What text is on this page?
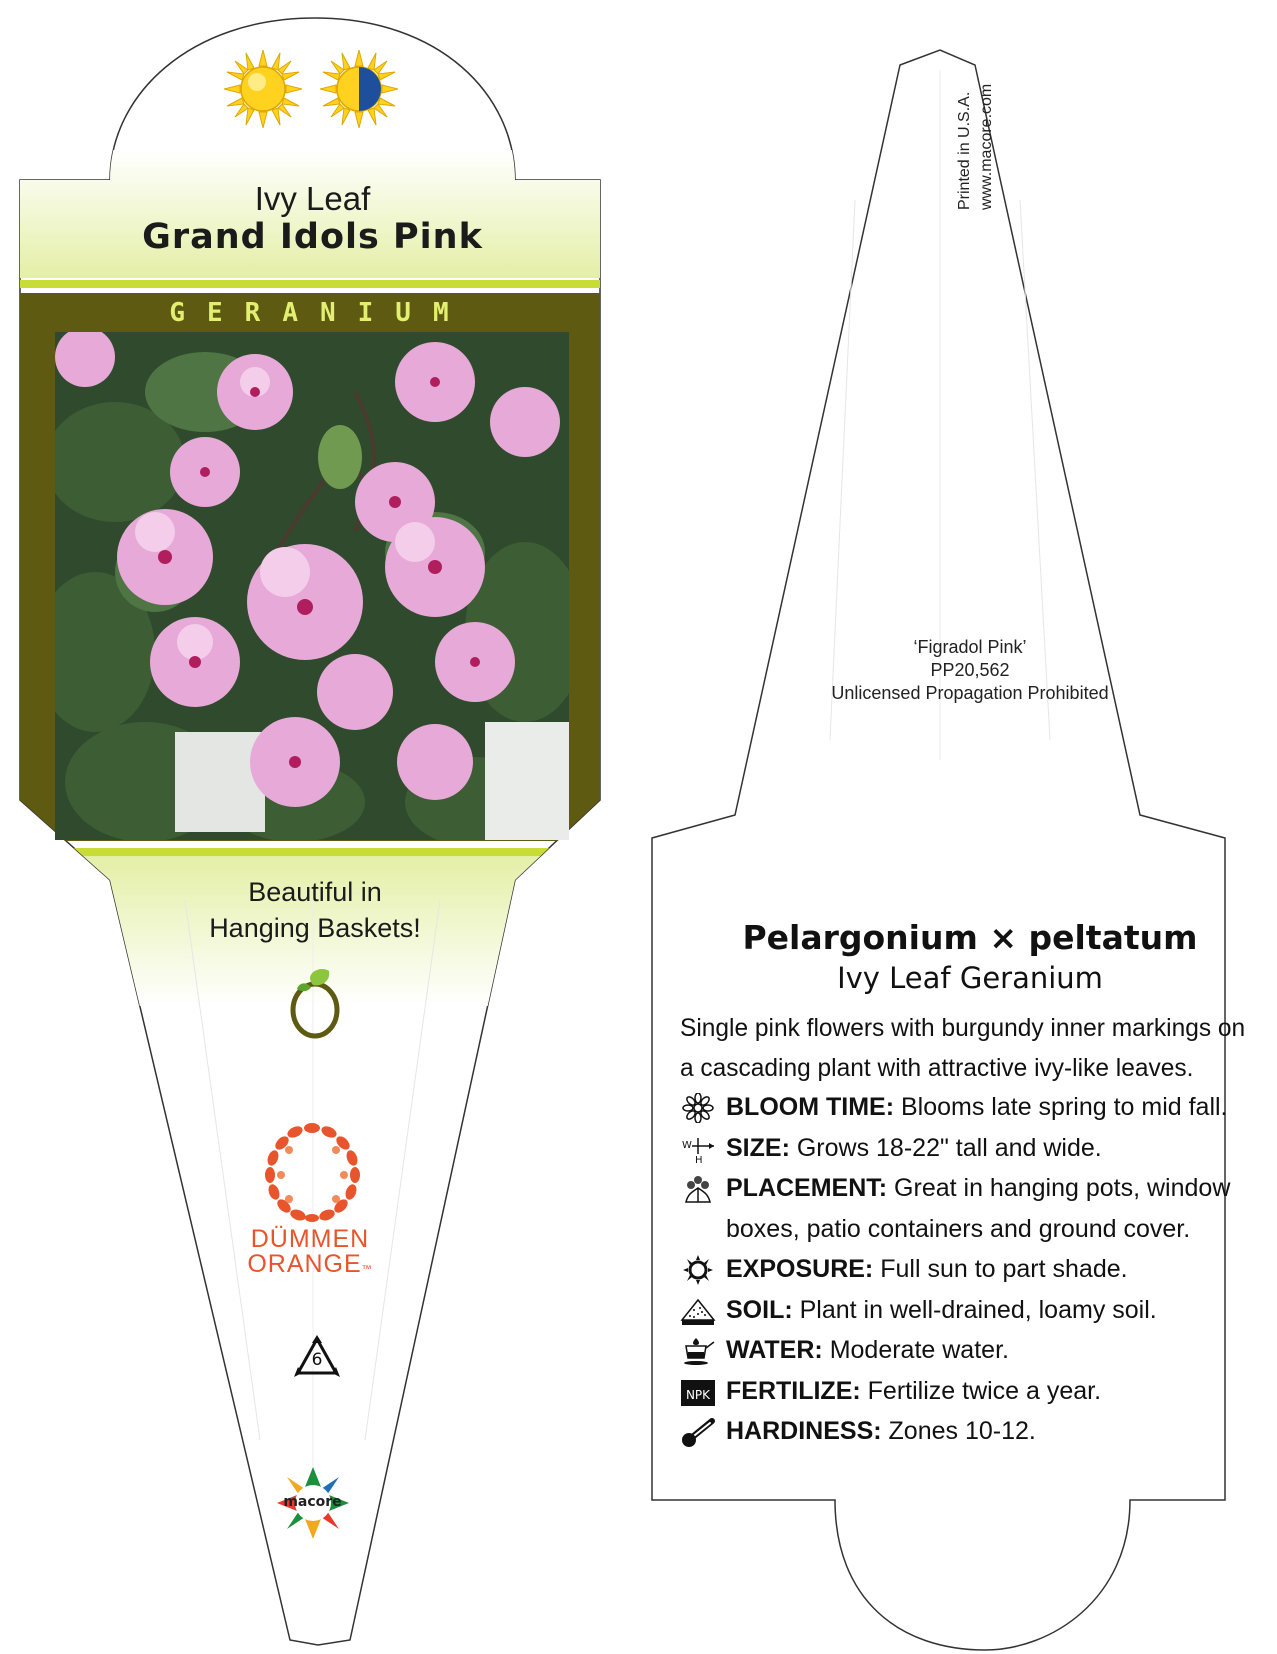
Ivy Leaf
Grand Idols Pink
GERANIUM
Beautiful in
Hanging Baskets!
DÜMMEN
ORANGE™
6
macore
Printed in U.S.A. www.macore.com
‘Figradol Pink’
PP20,562
Unlicensed Propagation Prohibited
Pelargonium × peltatum
Ivy Leaf Geranium
Single pink flowers with burgundy inner markings on a cascading plant with attractive ivy-like leaves.
BLOOM TIME: Blooms late spring to mid fall.
W
H SIZE: Grows 18-22" tall and wide.
PLACEMENT: Great in hanging pots, window boxes, patio containers and ground cover.
EXPOSURE: Full sun to part shade.
SOIL: Plant in well-drained, loamy soil.
WATER: Moderate water.
NPK FERTILIZE: Fertilize twice a year.
HARDINESS: Zones 10-12.
